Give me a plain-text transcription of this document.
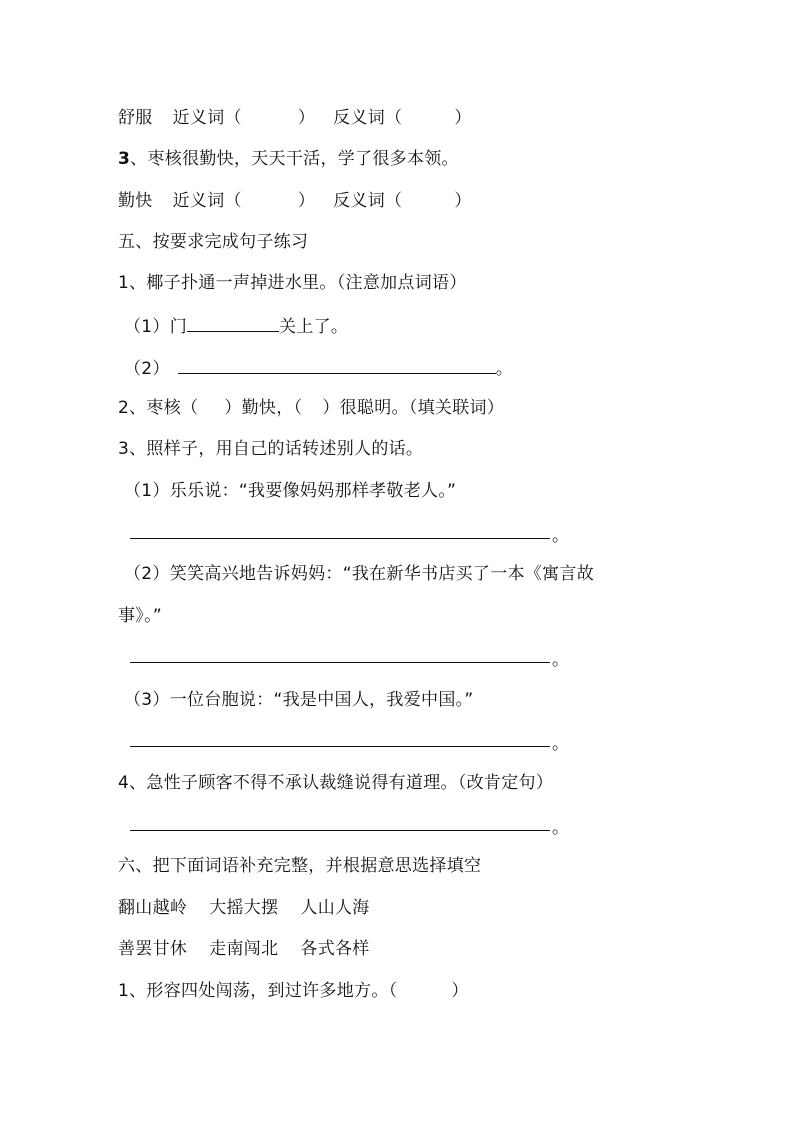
舒服 近义词（	） 反义词（	）
3、枣核很勤快，天天干活，学了很多本领。
勤快 近义词（	） 反义词（	）
五、按要求完成句子练习
1、椰子扑通一声掉进水里。（注意加点词语）
（1）门	关上了。
（2）	。
2、枣核（ ）勤快，（ ）很聪明。（填关联词）
3、照样子，用自己的话转述别人的话。
（1）乐乐说：“我要像妈妈那样孝敬老人。”
。
（2）笑笑高兴地告诉妈妈：“我在新华书店买了一本《寓言故
事》。”
。
（3）一位台胞说：“我是中国人，我爱中国。”
。
4、急性子顾客不得不承认裁缝说得有道理。（改肯定句）
。
六、把下面词语补充完整，并根据意思选择填空
翻山越岭 大摇大摆 人山人海
善罢甘休 走南闯北 各式各样
1、形容四处闯荡，到过许多地方。（	）
